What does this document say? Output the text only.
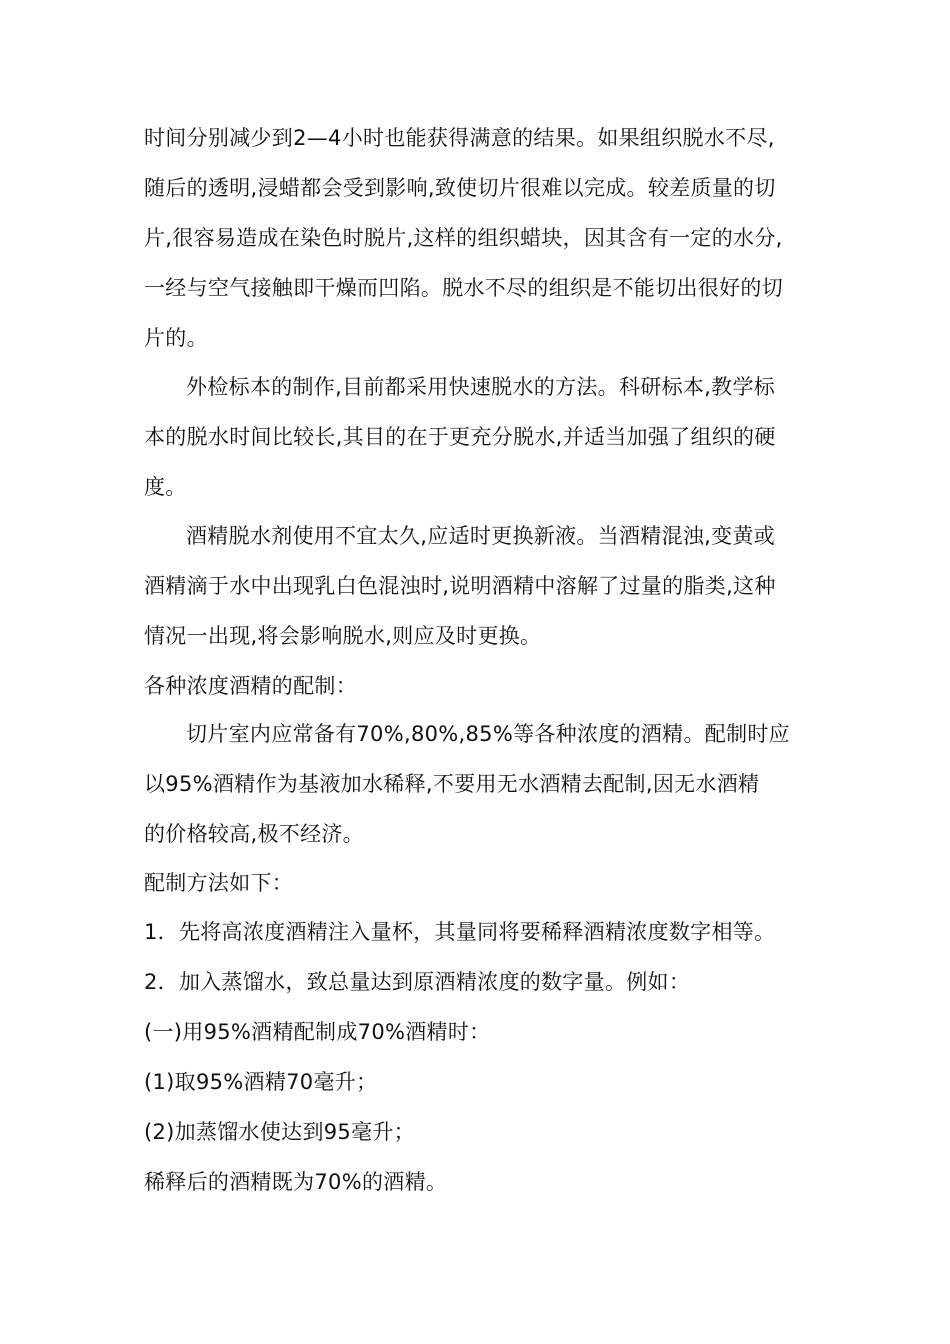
时间分别减少到2—4小时也能获得满意的结果。如果组织脱水不尽,
随后的透明,浸蜡都会受到影响,致使切片很难以完成。较差质量的切
片,很容易造成在染色时脱片,这样的组织蜡块，因其含有一定的水分,
一经与空气接触即干燥而凹陷。脱水不尽的组织是不能切出很好的切
片的。
外检标本的制作,目前都采用快速脱水的方法。科研标本,教学标
本的脱水时间比较长,其目的在于更充分脱水,并适当加强了组织的硬
度。
酒精脱水剂使用不宜太久,应适时更换新液。当酒精混浊,变黄或
酒精滴于水中出现乳白色混浊时,说明酒精中溶解了过量的脂类,这种
情况一出现,将会影响脱水,则应及时更换。
各种浓度酒精的配制：
切片室内应常备有70%,80%,85%等各种浓度的酒精。配制时应
以95%酒精作为基液加水稀释,不要用无水酒精去配制,因无水酒精
的价格较高,极不经济。
配制方法如下：
1．先将高浓度酒精注入量杯，其量同将要稀释酒精浓度数字相等。
2．加入蒸馏水，致总量达到原酒精浓度的数字量。例如：
(一)用95%酒精配制成70%酒精时：
(1)取95%酒精70毫升；
(2)加蒸馏水使达到95毫升；
稀释后的酒精既为70%的酒精。
